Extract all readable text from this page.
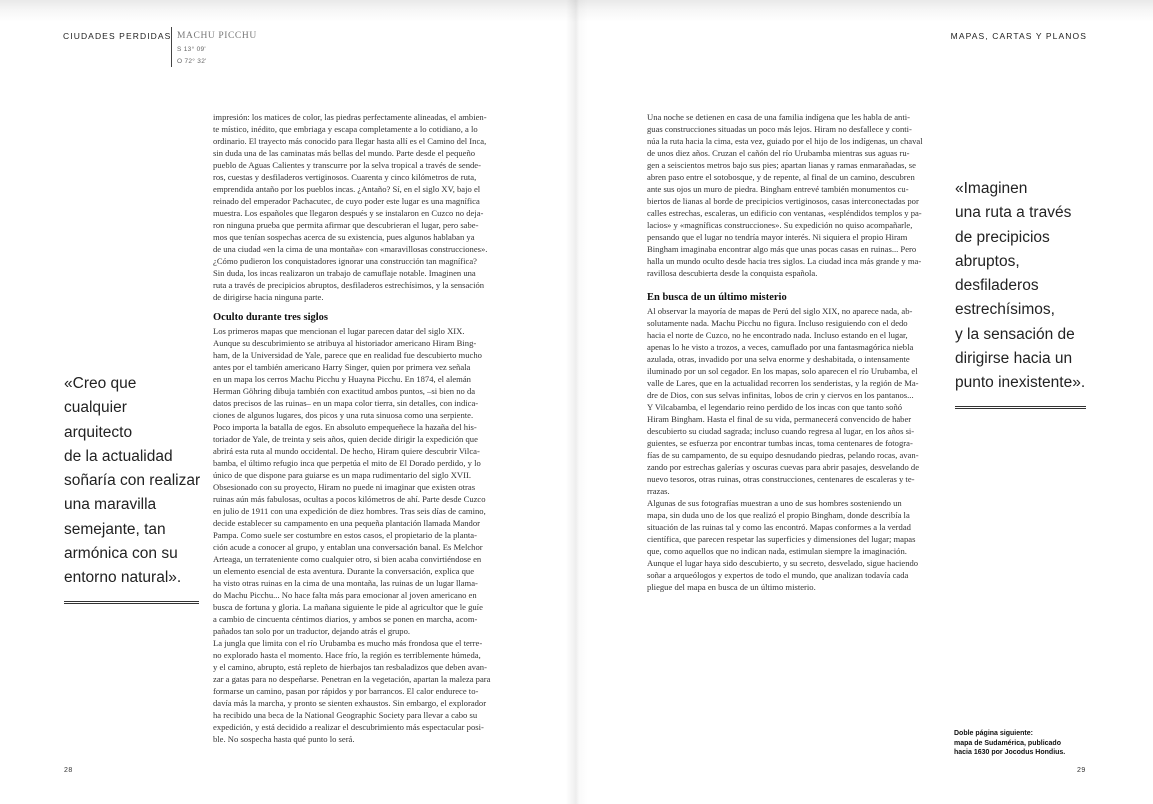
CIUDADES PERDIDAS MACHU PICCHU
S 13° 09'
O 72° 32'
MAPAS, CARTAS Y PLANOS

impresión: los matices de color, las piedras perfectamente alineadas, el ambien-

te místico, inédito, que embriaga y escapa completamente a lo cotidiano, a lo

ordinario. El trayecto más conocido para llegar hasta allí es el Camino del Inca,

sin duda una de las caminatas más bellas del mundo. Parte desde el pequeño

pueblo de Aguas Calientes y transcurre por la selva tropical a través de sende-

ros, cuestas y desfiladeros vertiginosos. Cuarenta y cinco kilómetros de ruta,

emprendida antaño por los pueblos incas. ¿Antaño? Sí, en el siglo XV, bajo el

reinado del emperador Pachacutec, de cuyo poder este lugar es una magnífica

muestra. Los españoles que llegaron después y se instalaron en Cuzco no deja-

ron ninguna prueba que permita afirmar que descubrieran el lugar, pero sabe-

mos que tenían sospechas acerca de su existencia, pues algunos hablaban ya

de una ciudad «en la cima de una montaña» con «maravillosas construcciones».

¿Cómo pudieron los conquistadores ignorar una construcción tan magnífica?

Sin duda, los incas realizaron un trabajo de camuflaje notable. Imaginen una

ruta a través de precipicios abruptos, desfiladeros estrechísimos, y la sensación

de dirigirse hacia ninguna parte.

Oculto durante tres siglos

Los primeros mapas que mencionan el lugar parecen datar del siglo XIX.

Aunque su descubrimiento se atribuya al historiador americano Hiram Bing-

ham, de la Universidad de Yale, parece que en realidad fue descubierto mucho

antes por el también americano Harry Singer, quien por primera vez señala

en un mapa los cerros Machu Picchu y Huayna Picchu. En 1874, el alemán

Herman Göhring dibuja también con exactitud ambos puntos, –si bien no da

datos precisos de las ruinas– en un mapa color tierra, sin detalles, con indica-

ciones de algunos lugares, dos picos y una ruta sinuosa como una serpiente.

Poco importa la batalla de egos. En absoluto empequeñece la hazaña del his-

toriador de Yale, de treinta y seis años, quien decide dirigir la expedición que

abrirá esta ruta al mundo occidental. De hecho, Hiram quiere descubrir Vilca-

bamba, el último refugio inca que perpetúa el mito de El Dorado perdido, y lo

único de que dispone para guiarse es un mapa rudimentario del siglo XVII.

Obsesionado con su proyecto, Hiram no puede ni imaginar que existen otras

ruinas aún más fabulosas, ocultas a pocos kilómetros de ahí. Parte desde Cuzco

en julio de 1911 con una expedición de diez hombres. Tras seis días de camino,

decide establecer su campamento en una pequeña plantación llamada Mandor

Pampa. Como suele ser costumbre en estos casos, el propietario de la planta-

ción acude a conocer al grupo, y entablan una conversación banal. Es Melchor

Arteaga, un terrateniente como cualquier otro, si bien acaba convirtiéndose en

un elemento esencial de esta aventura. Durante la conversación, explica que

ha visto otras ruinas en la cima de una montaña, las ruinas de un lugar llama-

do Machu Picchu... No hace falta más para emocionar al joven americano en

busca de fortuna y gloria. La mañana siguiente le pide al agricultor que le guíe

a cambio de cincuenta céntimos diarios, y ambos se ponen en marcha, acom-

pañados tan solo por un traductor, dejando atrás el grupo.

La jungla que limita con el río Urubamba es mucho más frondosa que el terre-

no explorado hasta el momento. Hace frío, la región es terriblemente húmeda,

y el camino, abrupto, está repleto de hierbajos tan resbaladizos que deben avan-

zar a gatas para no despeñarse. Penetran en la vegetación, apartan la maleza para

formarse un camino, pasan por rápidos y por barrancos. El calor endurece to-

davía más la marcha, y pronto se sienten exhaustos. Sin embargo, el explorador

ha recibido una beca de la National Geographic Society para llevar a cabo su

expedición, y está decidido a realizar el descubrimiento más espectacular posi-

ble. No sospecha hasta qué punto lo será.

«Creo que
cualquier
arquitecto
de la actualidad
soñaría con realizar
una maravilla
semejante, tan
armónica con su
entorno natural».
28

Una noche se detienen en casa de una familia indígena que les habla de anti-

guas construcciones situadas un poco más lejos. Hiram no desfallece y conti-

núa la ruta hacia la cima, esta vez, guiado por el hijo de los indígenas, un chaval

de unos diez años. Cruzan el cañón del río Urubamba mientras sus aguas ru-

gen a seiscientos metros bajo sus pies; apartan lianas y ramas enmarañadas, se

abren paso entre el sotobosque, y de repente, al final de un camino, descubren

ante sus ojos un muro de piedra. Bingham entrevé también monumentos cu-

biertos de lianas al borde de precipicios vertiginosos, casas interconectadas por

calles estrechas, escaleras, un edificio con ventanas, «espléndidos templos y pa-

lacios» y «magníficas construcciones». Su expedición no quiso acompañarle,

pensando que el lugar no tendría mayor interés. Ni siquiera el propio Hiram

Bingham imaginaba encontrar algo más que unas pocas casas en ruinas... Pero

halla un mundo oculto desde hacia tres siglos. La ciudad inca más grande y ma-

ravillosa descubierta desde la conquista española.

En busca de un último misterio

Al observar la mayoría de mapas de Perú del siglo XIX, no aparece nada, ab-

solutamente nada. Machu Picchu no figura. Incluso resiguiendo con el dedo

hacia el norte de Cuzco, no he encontrado nada. Incluso estando en el lugar,

apenas lo he visto a trozos, a veces, camuflado por una fantasmagórica niebla

azulada, otras, invadido por una selva enorme y deshabitada, o intensamente

iluminado por un sol cegador. En los mapas, solo aparecen el río Urubamba, el

valle de Lares, que en la actualidad recorren los senderistas, y la región de Ma-

dre de Dios, con sus selvas infinitas, lobos de crin y ciervos en los pantanos...

Y Vilcabamba, el legendario reino perdido de los incas con que tanto soñó

Hiram Bingham. Hasta el final de su vida, permanecerá convencido de haber

descubierto su ciudad sagrada; incluso cuando regresa al lugar, en los años si-

guientes, se esfuerza por encontrar tumbas incas, toma centenares de fotogra-

fías de su campamento, de su equipo desnudando piedras, pelando rocas, avan-

zando por estrechas galerías y oscuras cuevas para abrir pasajes, desvelando de

nuevo tesoros, otras ruinas, otras construcciones, centenares de escaleras y te-

rrazas.

Algunas de sus fotografías muestran a uno de sus hombres sosteniendo un

mapa, sin duda uno de los que realizó el propio Bingham, donde describía la

situación de las ruinas tal y como las encontró. Mapas conformes a la verdad

científica, que parecen respetar las superficies y dimensiones del lugar; mapas

que, como aquellos que no indican nada, estimulan siempre la imaginación.

Aunque el lugar haya sido descubierto, y su secreto, desvelado, sigue haciendo

soñar a arqueólogos y expertos de todo el mundo, que analizan todavía cada

pliegue del mapa en busca de un último misterio.

«Imaginen
una ruta a través
de precipicios
abruptos,
desfiladeros
estrechísimos,
y la sensación de
dirigirse hacia un
punto inexistente».
Doble página siguiente:
mapa de Sudamérica, publicado
hacia 1630 por Jocodus Hondius.
29
